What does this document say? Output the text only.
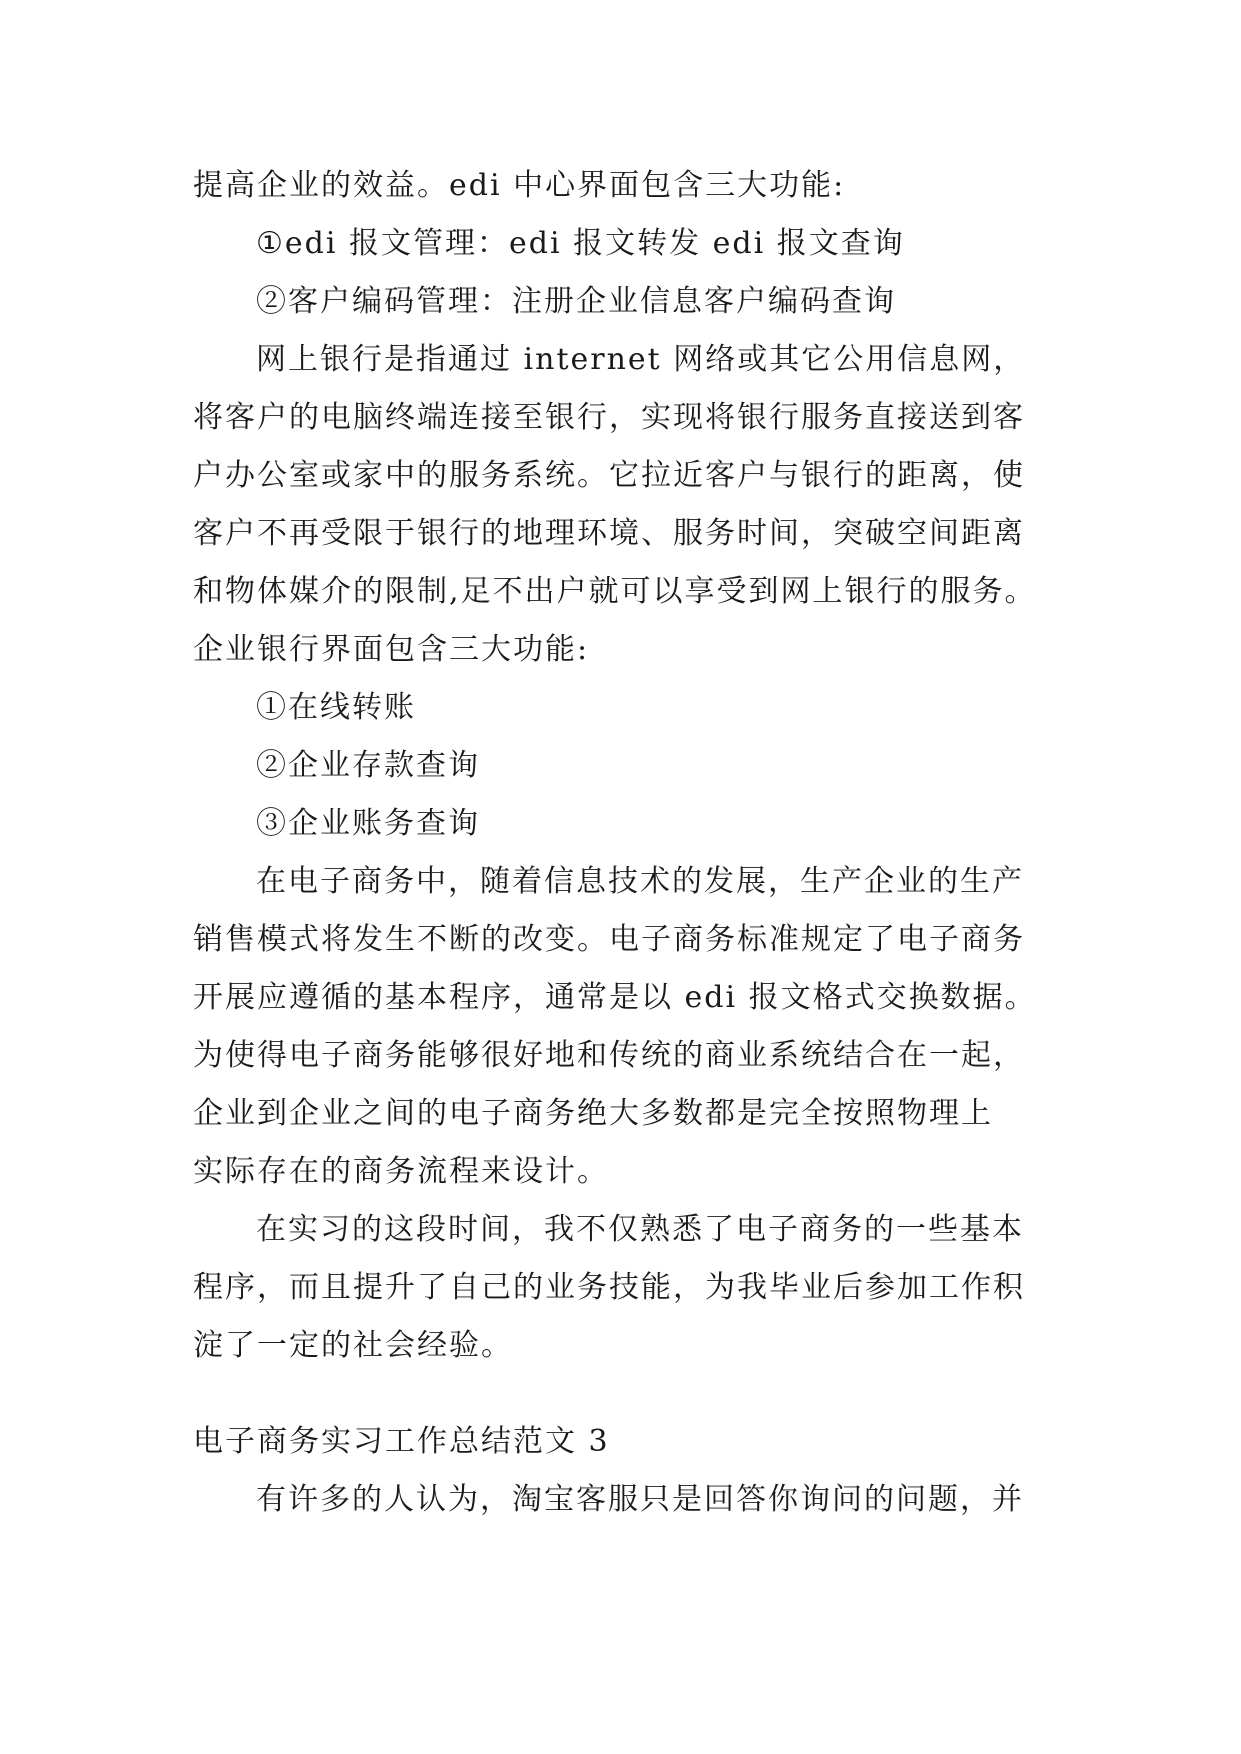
提高企业的效益。edi 中心界面包含三大功能:
①edi 报文管理：edi 报文转发 edi 报文查询
②客户编码管理：注册企业信息客户编码查询
网上银行是指通过 internet 网络或其它公用信息网，
将客户的电脑终端连接至银行，实现将银行服务直接送到客
户办公室或家中的服务系统。它拉近客户与银行的距离，使
客户不再受限于银行的地理环境、服务时间，突破空间距离
和物体媒介的限制,足不出户就可以享受到网上银行的服务。
企业银行界面包含三大功能:
①在线转账
②企业存款查询
③企业账务查询
在电子商务中，随着信息技术的发展，生产企业的生产
销售模式将发生不断的改变。电子商务标准规定了电子商务
开展应遵循的基本程序，通常是以 edi 报文格式交换数据。
为使得电子商务能够很好地和传统的商业系统结合在一起，
企业到企业之间的电子商务绝大多数都是完全按照物理上
实际存在的商务流程来设计。
在实习的这段时间，我不仅熟悉了电子商务的一些基本
程序，而且提升了自己的业务技能，为我毕业后参加工作积
淀了一定的社会经验。
电子商务实习工作总结范文 3
有许多的人认为，淘宝客服只是回答你询问的问题，并
